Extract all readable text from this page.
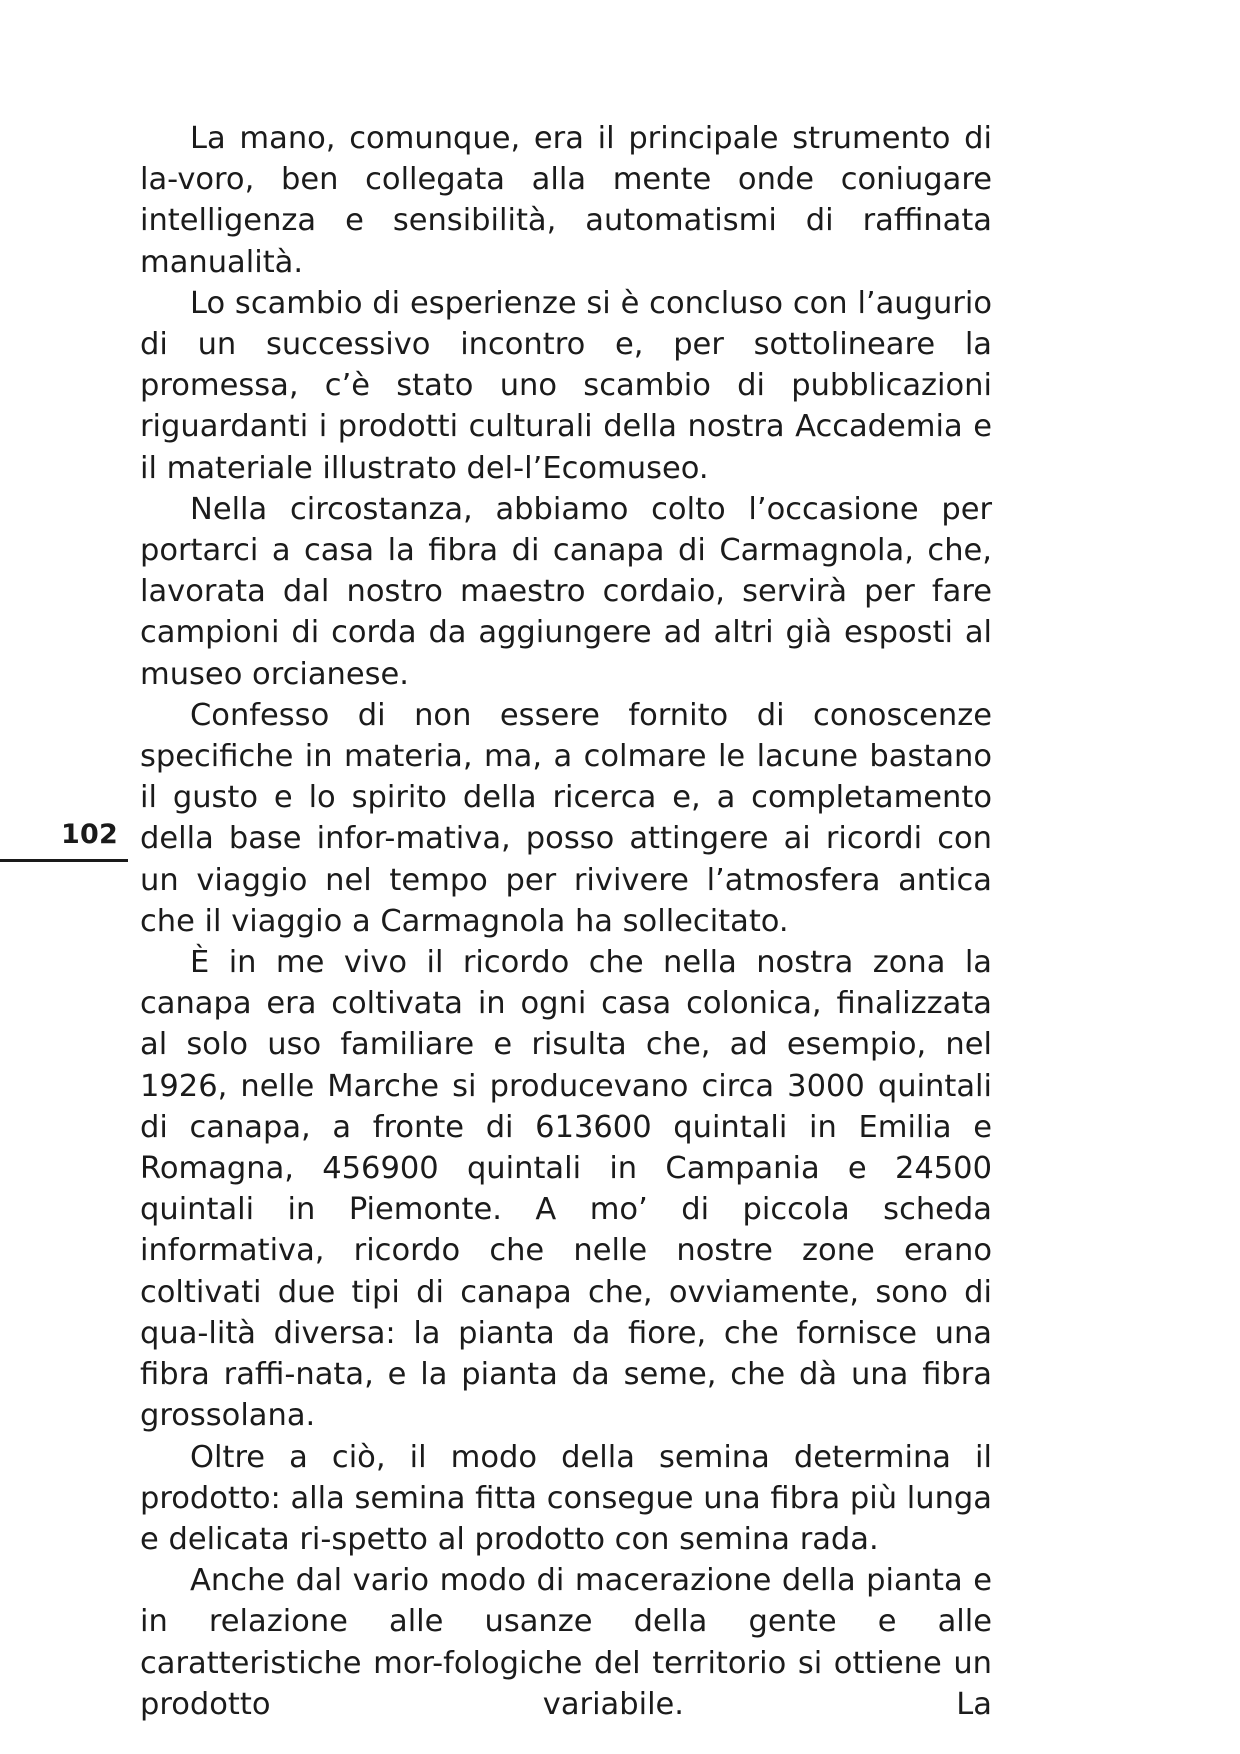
102

La mano, comunque, era il principale strumento di la-voro, ben collegata alla mente onde coniugare intelligenza e sensibilità, automatismi di raffinata manualità.

Lo scambio di esperienze si è concluso con l’augurio di un successivo incontro e, per sottolineare la promessa, c’è stato uno scambio di pubblicazioni riguardanti i prodotti culturali della nostra Accademia e il materiale illustrato del-l’Ecomuseo.

Nella circostanza, abbiamo colto l’occasione per portarci a casa la fibra di canapa di Carmagnola, che, lavorata dal nostro maestro cordaio, servirà per fare campioni di corda da aggiungere ad altri già esposti al museo orcianese.

Confesso di non essere fornito di conoscenze specifiche in materia, ma, a colmare le lacune bastano il gusto e lo spirito della ricerca e, a completamento della base infor-mativa, posso attingere ai ricordi con un viaggio nel tempo per rivivere l’atmosfera antica che il viaggio a Carmagnola ha sollecitato.

È in me vivo il ricordo che nella nostra zona la canapa era coltivata in ogni casa colonica, finalizzata al solo uso familiare e risulta che, ad esempio, nel 1926, nelle Marche si producevano circa 3000 quintali di canapa, a fronte di 613600 quintali in Emilia e Romagna, 456900 quintali in Campania e 24500 quintali in Piemonte. A mo’ di piccola scheda informativa, ricordo che nelle nostre zone erano coltivati due tipi di canapa che, ovviamente, sono di qua-lità diversa: la pianta da fiore, che fornisce una fibra raffi-nata, e la pianta da seme, che dà una fibra grossolana.

Oltre a ciò, il modo della semina determina il prodotto: alla semina fitta consegue una fibra più lunga e delicata ri-spetto al prodotto con semina rada.

Anche dal vario modo di macerazione della pianta e in relazione alle usanze della gente e alle caratteristiche mor-fologiche del territorio si ottiene un prodotto variabile. La
